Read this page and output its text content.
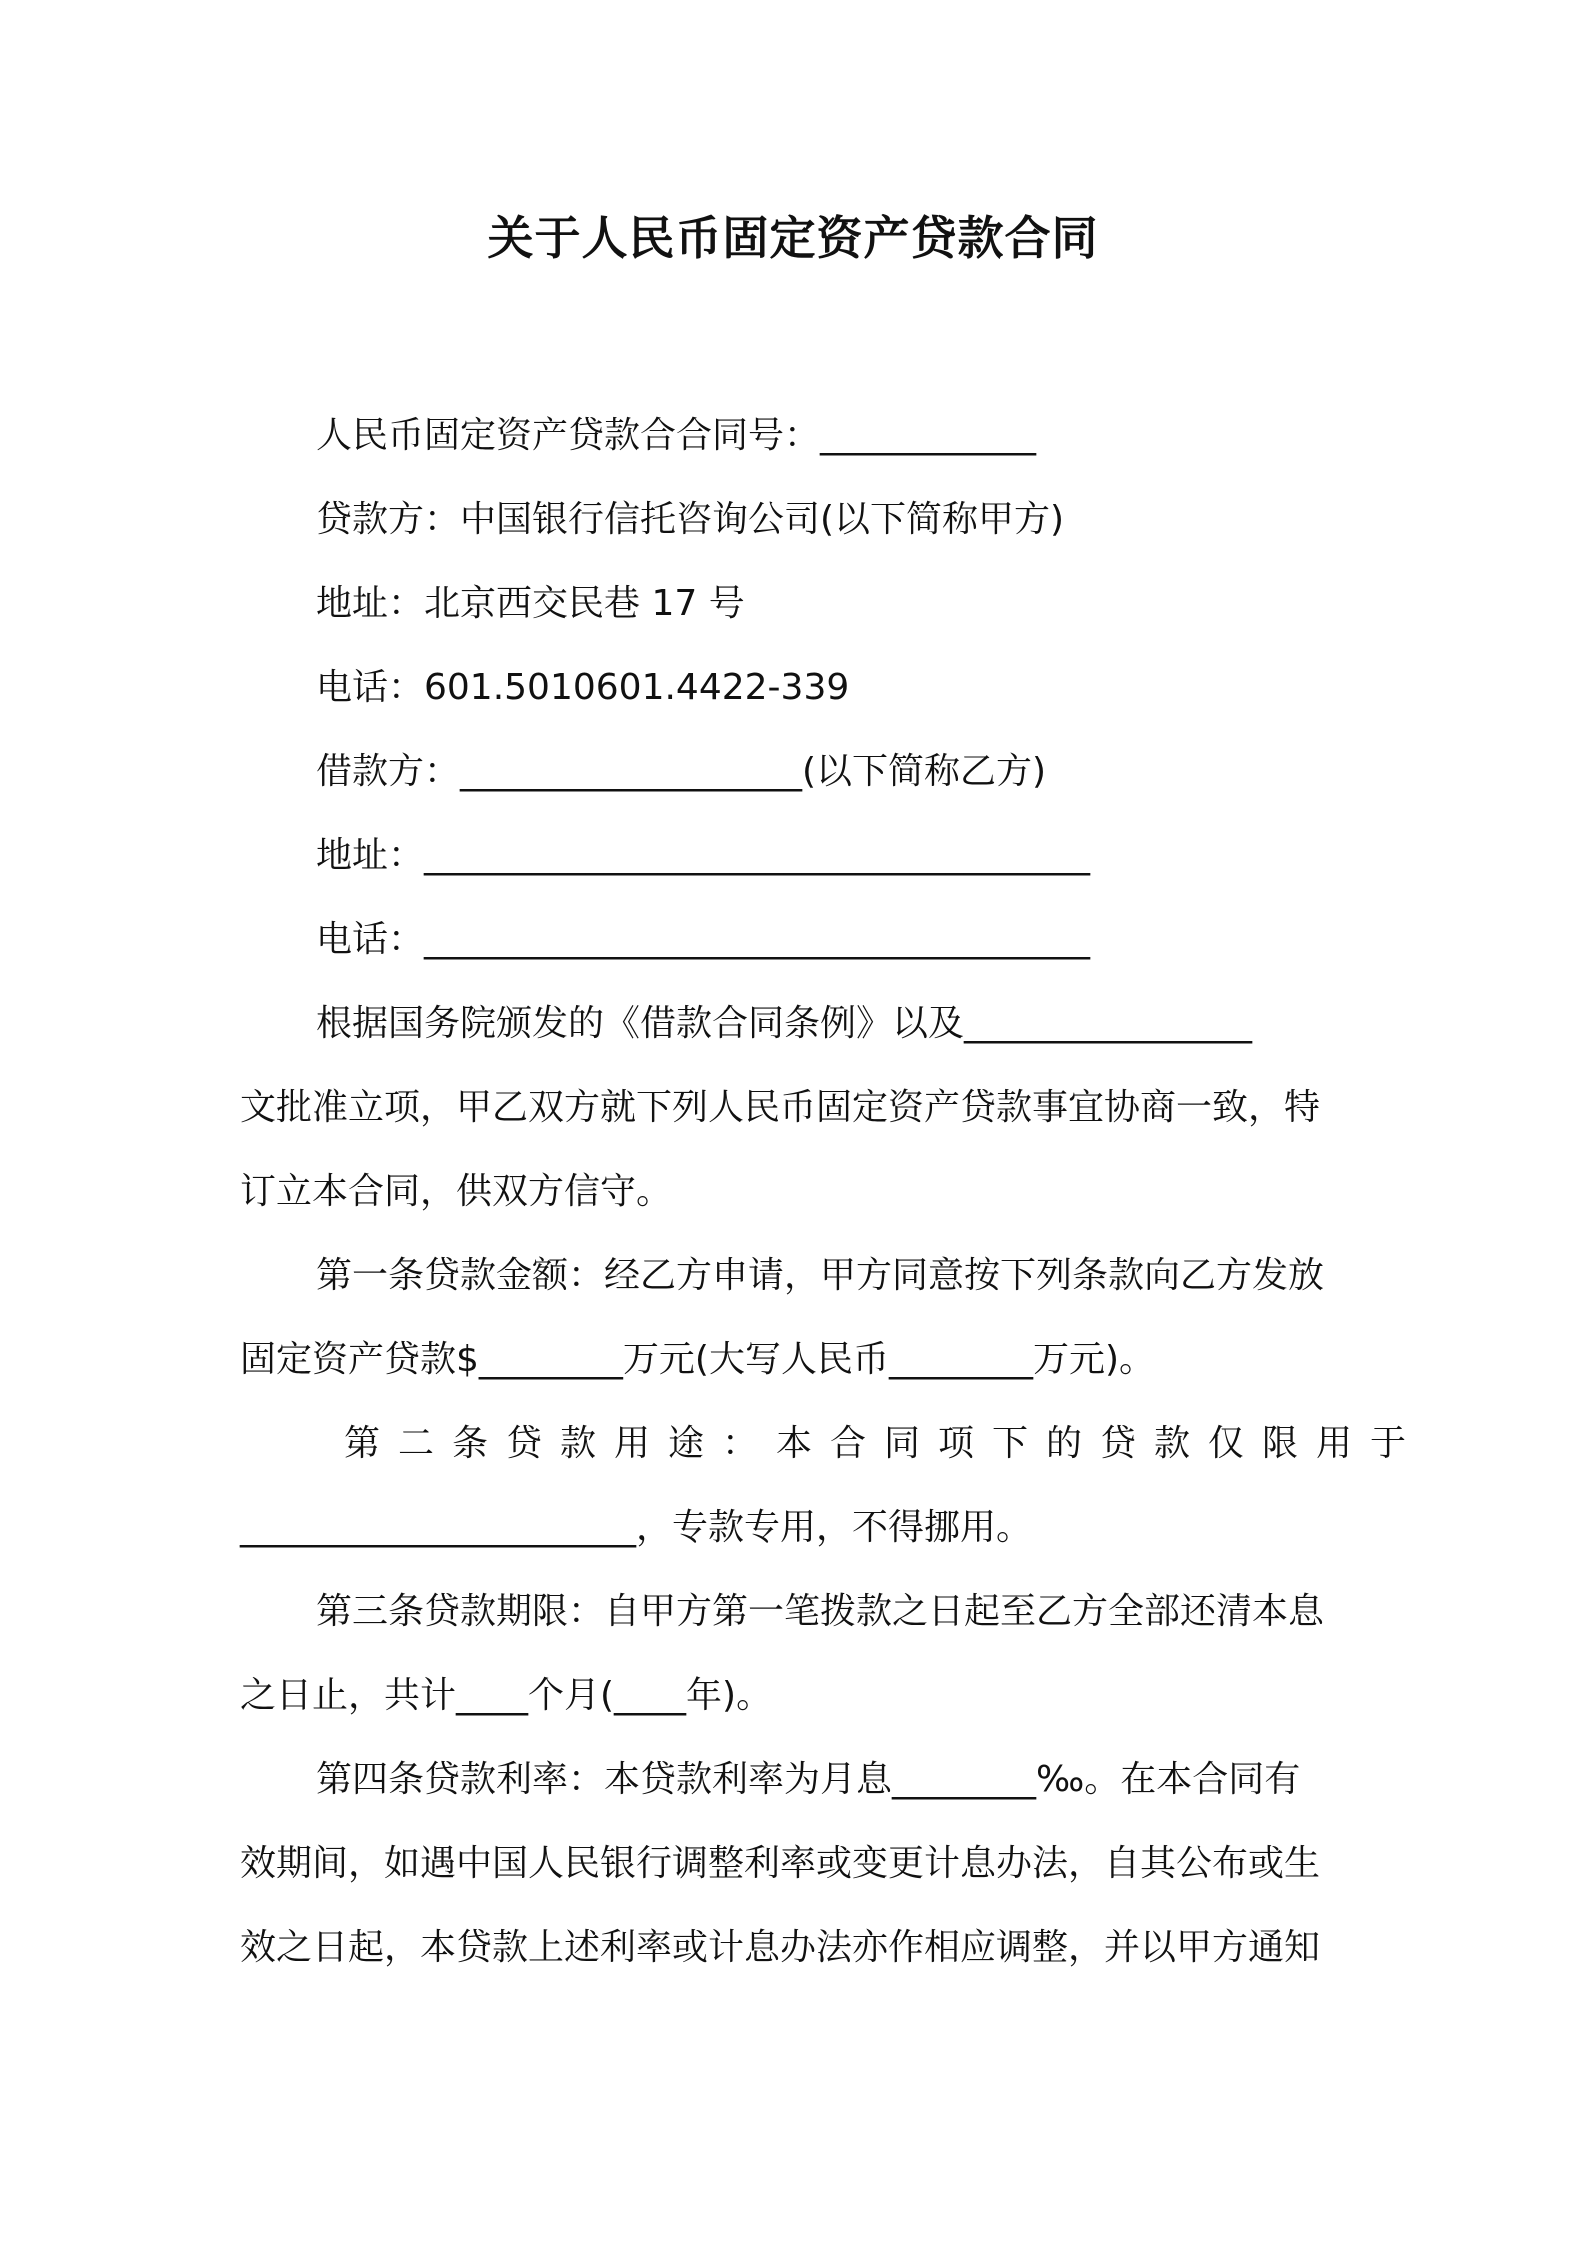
关于人民币固定资产贷款合同
人民币固定资产贷款合合同号：____________
贷款方：中国银行信托咨询公司(以下简称甲方)
地址：北京西交民巷 17 号
电话：601.5010601.4422-339
借款方：___________________(以下简称乙方)
地址：_____________________________________
电话：_____________________________________
根据国务院颁发的《借款合同条例》以及________________
文批准立项，甲乙双方就下列人民币固定资产贷款事宜协商一致，特
订立本合同，供双方信守。
第一条贷款金额：经乙方申请，甲方同意按下列条款向乙方发放
固定资产贷款$________万元(大写人民币________万元)。
第二条贷款用途：本合同项下的贷款仅限用于
______________________，专款专用，不得挪用。
第三条贷款期限：自甲方第一笔拨款之日起至乙方全部还清本息
之日止，共计____个月(____年)。
第四条贷款利率：本贷款利率为月息________‰。在本合同有
效期间，如遇中国人民银行调整利率或变更计息办法，自其公布或生
效之日起，本贷款上述利率或计息办法亦作相应调整，并以甲方通知
